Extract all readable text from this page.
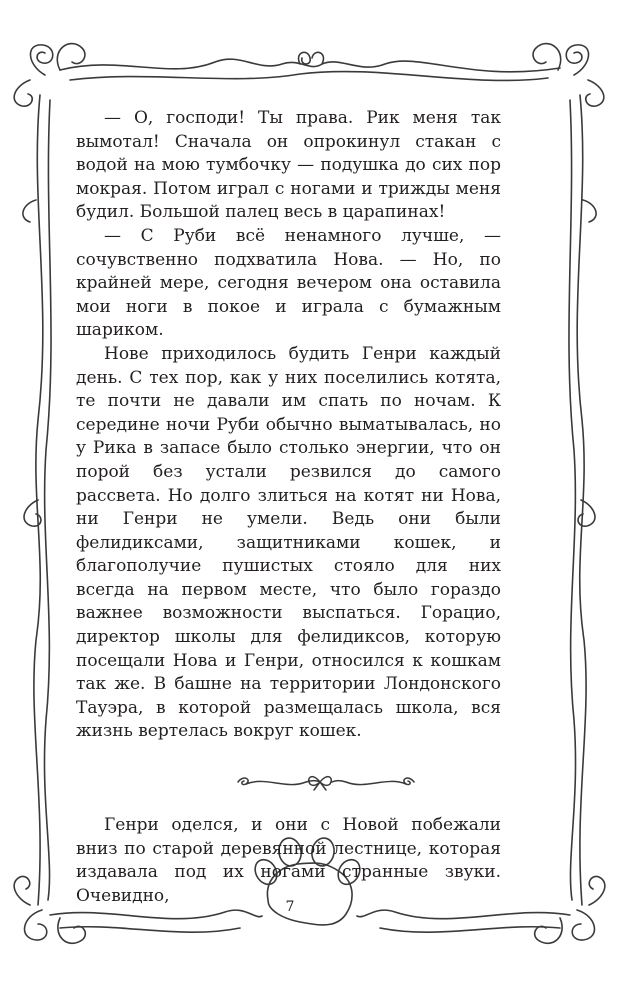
— О, господи! Ты права. Рик меня так вымотал! Сначала он опрокинул стакан с водой на мою тумбочку — подушка до сих пор мокрая. Потом играл с ногами и трижды меня будил. Большой палец весь в царапинах!

— С Руби всё ненамного лучше, — сочувственно подхватила Нова. — Но, по крайней мере, сегодня вечером она оставила мои ноги в покое и играла с бумажным шариком.

Нове приходилось будить Генри каждый день. С тех пор, как у них поселились котята, те почти не давали им спать по ночам. К середине ночи Руби обычно выматывалась, но у Рика в запасе было столько энергии, что он порой без устали резвился до самого рассвета. Но долго злиться на котят ни Нова, ни Генри не умели. Ведь они были фелидиксами, защитниками кошек, и благополучие пушистых стояло для них всегда на первом месте, что было гораздо важнее возможности выспаться. Горацио, директор школы для фелидиксов, которую посещали Нова и Генри, относился к кошкам так же. В башне на территории Лондонского Тауэра, в которой размещалась школа, вся жизнь вертелась вокруг кошек.

Генри оделся, и они с Новой побежали вниз по старой деревянной лестнице, которая издавала под их ногами странные звуки. Очевидно,

7
